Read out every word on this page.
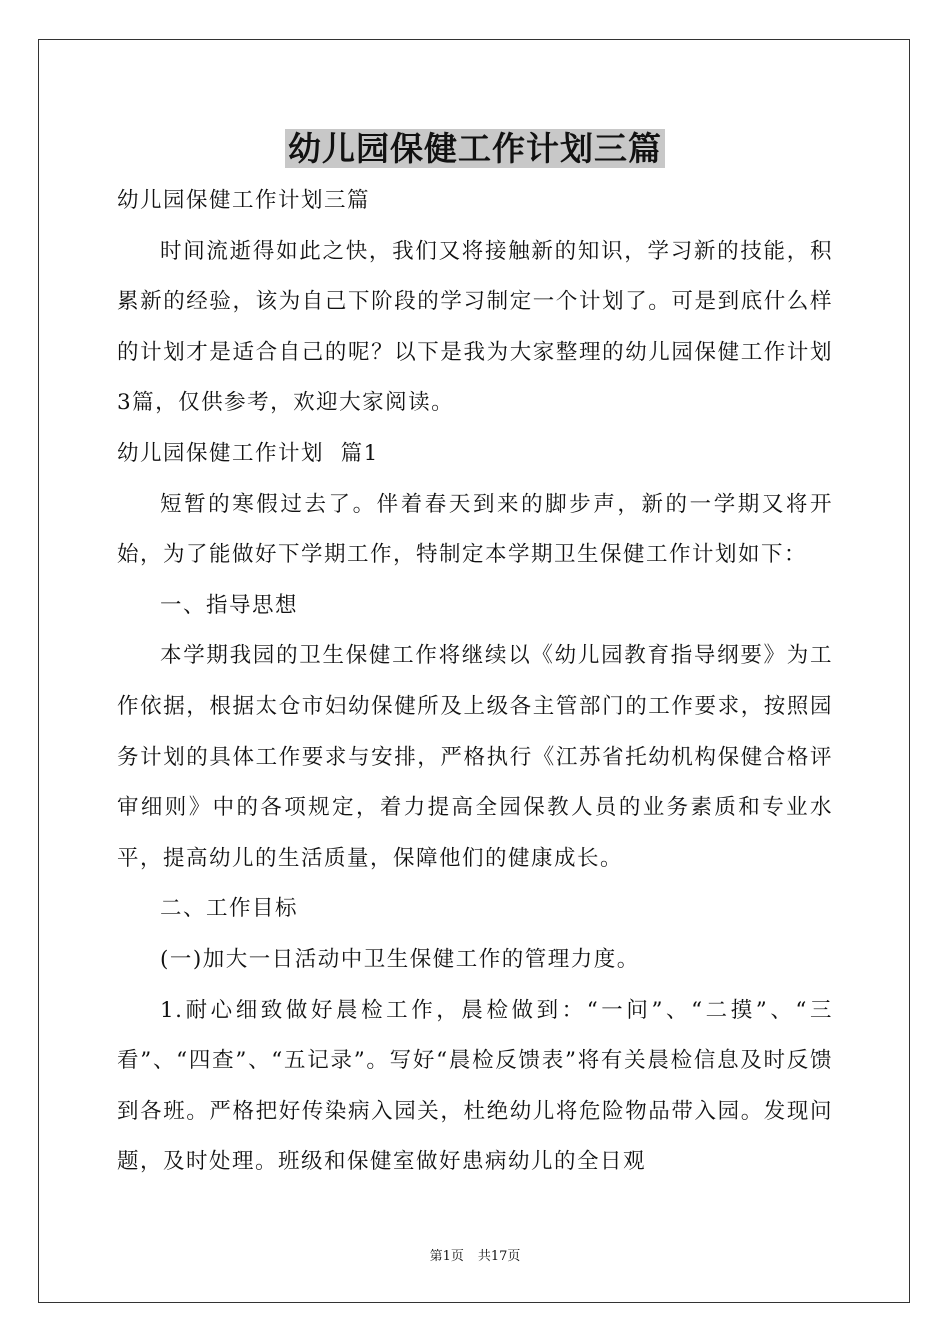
幼儿园保健工作计划三篇

幼儿园保健工作计划三篇

时间流逝得如此之快，我们又将接触新的知识，学习新的技能，积累新的经验，该为自己下阶段的学习制定一个计划了。可是到底什么样的计划才是适合自己的呢？以下是我为大家整理的幼儿园保健工作计划3篇，仅供参考，欢迎大家阅读。

幼儿园保健工作计划  篇1

短暂的寒假过去了。伴着春天到来的脚步声，新的一学期又将开始，为了能做好下学期工作，特制定本学期卫生保健工作计划如下：

一、指导思想

本学期我园的卫生保健工作将继续以《幼儿园教育指导纲要》为工作依据，根据太仓市妇幼保健所及上级各主管部门的工作要求，按照园务计划的具体工作要求与安排，严格执行《江苏省托幼机构保健合格评审细则》中的各项规定，着力提高全园保教人员的业务素质和专业水平，提高幼儿的生活质量，保障他们的健康成长。

二、工作目标

(一)加大一日活动中卫生保健工作的管理力度。

1.耐心细致做好晨检工作，晨检做到：“一问”、“二摸”、“三看”、“四查”、“五记录”。写好“晨检反馈表”将有关晨检信息及时反馈到各班。严格把好传染病入园关，杜绝幼儿将危险物品带入园。发现问题，及时处理。班级和保健室做好患病幼儿的全日观

第1页 共17页
